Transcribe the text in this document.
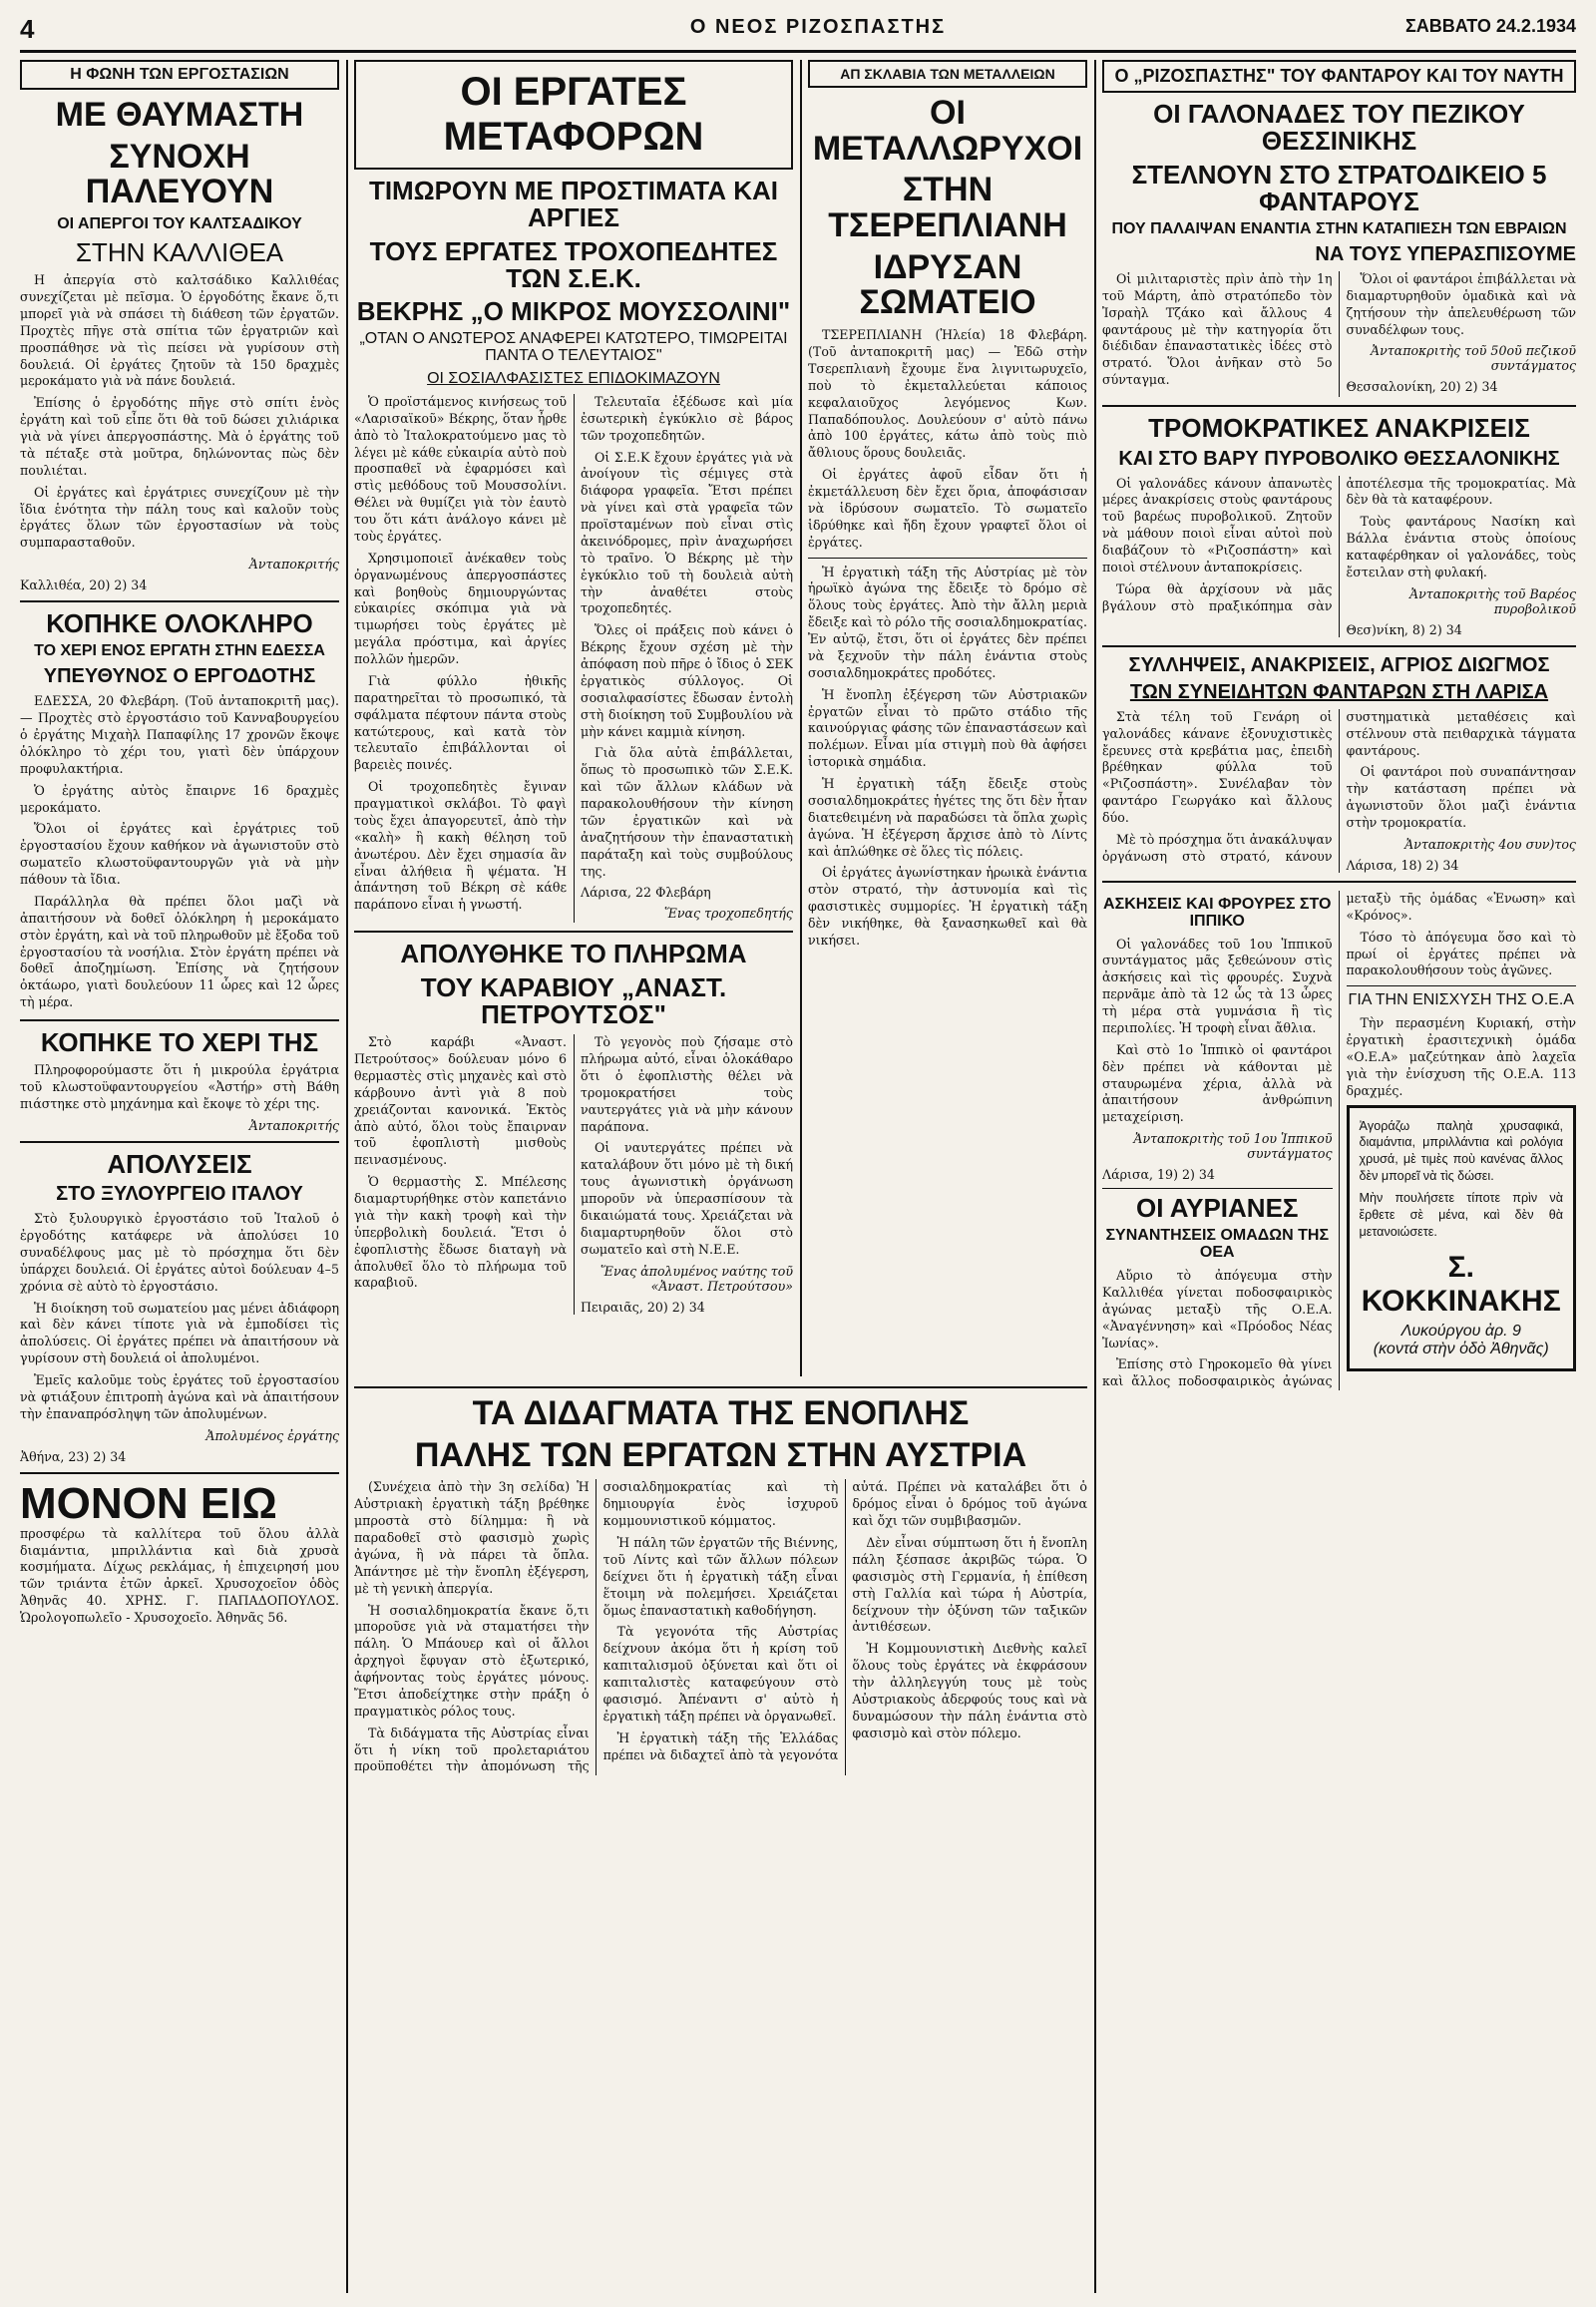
4	Ο ΝΕΟΣ ΡΙΖΟΣΠΑΣΤΗΣ	ΣΑΒΒΑΤΟ 24.2.1934
Η ΦΩΝΗ ΤΩΝ ΕΡΓΟΣΤΑΣΙΩΝ
ΜΕ ΘΑΥΜΑΣΤΗ
ΣΥΝΟΧΗ ΠΑΛΕΥΟΥΝ
ΟΙ ΑΠΕΡΓΟΙ ΤΟΥ ΚΑΛΤΣΑΔΙΚΟΥ
ΣΤΗΝ ΚΑΛΛΙΘΕΑ

Η ἀπεργία στὸ καλτσάδικο Καλλιθέας συνεχίζεται μὲ πεῖσμα. Ὁ ἐργοδότης ἔκανε ὅ,τι μπορεῖ γιὰ νὰ σπάσει τὴ διάθεση τῶν ἐργατῶν. Προχτὲς πῆγε στὰ σπίτια τῶν ἐργατριῶν καὶ προσπάθησε νὰ τὶς πείσει νὰ γυρίσουν στὴ δουλειά. Οἱ ἐργάτες ζητοῦν τὰ 150 δραχμὲς μεροκάματο γιὰ νὰ πάνε δουλειά.

Ἐπίσης ὁ ἐργοδότης πῆγε στὸ σπίτι ἑνὸς ἐργάτη καὶ τοῦ εἶπε ὅτι θὰ τοῦ δώσει χιλιάρικα γιὰ νὰ γίνει ἀπεργοσπάστης. Μὰ ὁ ἐργάτης τοῦ τὰ πέταξε στὰ μοῦτρα, δηλώνοντας πὼς δὲν πουλιέται.

Οἱ ἐργάτες καὶ ἐργάτριες συνεχίζουν μὲ τὴν ἴδια ἑνότητα τὴν πάλη τους καὶ καλοῦν τοὺς ἐργάτες ὅλων τῶν ἐργοστασίων νὰ τοὺς συμπαρασταθοῦν.

Ἀνταποκριτής
Καλλιθέα, 20) 2) 34
ΚΟΠΗΚΕ ΟΛΟΚΛΗΡΟ
ΤΟ ΧΕΡΙ ΕΝΟΣ ΕΡΓΑΤΗ ΣΤΗΝ ΕΔΕΣΣΑ
ΥΠΕΥΘΥΝΟΣ Ο ΕΡΓΟΔΟΤΗΣ

ΕΔΕΣΣΑ, 20 Φλεβάρη. (Τοῦ ἀνταποκριτῆ μας). — Προχτὲς στὸ ἐργοστάσιο τοῦ Κανναβουργείου ὁ ἐργάτης Μιχαὴλ Παπαφίλης 17 χρονῶν ἔκοψε ὁλόκληρο τὸ χέρι του, γιατὶ δὲν ὑπάρχουν προφυλακτήρια.

Ὁ ἐργάτης αὐτὸς ἔπαιρνε 16 δραχμὲς μεροκάματο.

Ὅλοι οἱ ἐργάτες καὶ ἐργάτριες τοῦ ἐργοστασίου ἔχουν καθήκον νὰ ἀγωνιστοῦν στὸ σωματεῖο κλωστοϋφαντουργῶν γιὰ νὰ μὴν πάθουν τὰ ἴδια.

Παράλληλα θὰ πρέπει ὅλοι μαζὶ νὰ ἀπαιτήσουν νὰ δοθεῖ ὁλόκληρη ἡ μεροκάματο στὸν ἐργάτη, καὶ νὰ τοῦ πληρωθοῦν μὲ ἔξοδα τοῦ ἐργοστασίου τὰ νοσήλια. Στὸν ἐργάτη πρέπει νὰ δοθεῖ ἀποζημίωση. Ἐπίσης νὰ ζητήσουν ὀκτάωρο, γιατὶ δουλεύουν 11 ὧρες καὶ 12 ὧρες τὴ μέρα.

ΚΟΠΗΚΕ ΤΟ ΧΕΡΙ ΤΗΣ

Πληροφορούμαστε ὅτι ἡ μικρούλα ἐργάτρια τοῦ κλωστοϋφαντουργείου «Ἀστήρ» στὴ Βάθη πιάστηκε στὸ μηχάνημα καὶ ἔκοψε τὸ χέρι της.

Ἀνταποκριτής
ΑΠΟΛΥΣΕΙΣ
ΣΤΟ ΞΥΛΟΥΡΓΕΙΟ ΙΤΑΛΟΥ

Στὸ ξυλουργικὸ ἐργοστάσιο τοῦ Ἰταλοῦ ὁ ἐργοδότης κατάφερε νὰ ἀπολύσει 10 συναδέλφους μας μὲ τὸ πρόσχημα ὅτι δὲν ὑπάρχει δουλειά. Οἱ ἐργάτες αὐτοὶ δούλευαν 4–5 χρόνια σὲ αὐτὸ τὸ ἐργοστάσιο.

Ἡ διοίκηση τοῦ σωματείου μας μένει ἀδιάφορη καὶ δὲν κάνει τίποτε γιὰ νὰ ἐμποδίσει τὶς ἀπολύσεις. Οἱ ἐργάτες πρέπει νὰ ἀπαιτήσουν νὰ γυρίσουν στὴ δουλειά οἱ ἀπολυμένοι.

Ἐμεῖς καλοῦμε τοὺς ἐργάτες τοῦ ἐργοστασίου νὰ φτιάξουν ἐπιτροπὴ ἀγώνα καὶ νὰ ἀπαιτήσουν τὴν ἐπαναπρόσληψη τῶν ἀπολυμένων.

Ἀπολυμένος ἐργάτης
Ἀθήνα, 23) 2) 34
ΜΟΝΟΝ ΕΙΩ

προσφέρω τὰ καλλίτερα τοῦ ὅλου ἀλλὰ διαμάντια, μπριλλάντια καὶ διὰ χρυσὰ κοσμήματα. Δίχως ρεκλάμας, ἡ ἐπιχειρησή μου τῶν τριάντα ἐτῶν ἀρκεῖ. Χρυσοχοεῖον ὁδὸς Ἀθηνᾶς 40. ΧΡΗΣ. Γ. ΠΑΠΑΔΟΠΟΥΛΟΣ. Ὡρολογοπωλεῖο - Χρυσοχοεῖο. Ἀθηνᾶς 56.

ΟΙ ΕΡΓΑΤΕΣ ΜΕΤΑΦΟΡΩΝ
ΤΙΜΩΡΟΥΝ ΜΕ ΠΡΟΣΤΙΜΑΤΑ ΚΑΙ ΑΡΓΙΕΣ
ΤΟΥΣ ΕΡΓΑΤΕΣ ΤΡΟΧΟΠΕΔΗΤΕΣ ΤΩΝ Σ.Ε.Κ.
ΒΕΚΡΗΣ „Ο ΜΙΚΡΟΣ ΜΟΥΣΣΟΛΙΝΙ"
„ΟΤΑΝ Ο ΑΝΩΤΕΡΟΣ ΑΝΑΦΕΡΕΙ ΚΑΤΩΤΕΡΟ, ΤΙΜΩΡΕΙΤΑΙ ΠΑΝΤΑ Ο ΤΕΛΕΥΤΑΙΟΣ"
ΟΙ ΣΟΣΙΑΛΦΑΣΙΣΤΕΣ ΕΠΙΔΟΚΙΜΑΖΟΥΝ

Ὁ προϊστάμενος κινήσεως τοῦ «Λαρισαϊκοῦ» Βέκρης, ὅταν ἦρθε ἀπὸ τὸ Ἰταλοκρατούμενο μας τὸ λέγει μὲ κάθε εὐκαιρία αὐτὸ ποὺ προσπαθεῖ νὰ ἐφαρμόσει καὶ στὶς μεθόδους τοῦ Μουσσολίνι. Θέλει νὰ θυμίζει γιὰ τὸν ἑαυτὸ του ὅτι κάτι ἀνάλογο κάνει μὲ τοὺς ἐργάτες.

Χρησιμοποιεῖ ἀνέκαθεν τοὺς ὀργανωμένους ἀπεργοσπάστες καὶ βοηθοὺς δημιουργώντας εὐκαιρίες σκόπιμα γιὰ νὰ τιμωρήσει τοὺς ἐργάτες μὲ μεγάλα πρόστιμα, καὶ ἀργίες πολλῶν ἡμερῶν.

Γιὰ φύλλο ἠθικῆς παρατηρεῖται τὸ προσωπικό, τὰ σφάλματα πέφτουν πάντα στοὺς κατώτερους, καὶ κατὰ τὸν τελευταῖο ἐπιβάλλονται οἱ βαρειὲς ποινές.

Οἱ τροχοπεδητὲς ἔγιναν πραγματικοὶ σκλάβοι. Τὸ φαγὶ τοὺς ἔχει ἀπαγορευτεῖ, ἀπὸ τὴν «καλὴ» ἢ κακὴ θέληση τοῦ ἀνωτέρου. Δὲν ἔχει σημασία ἂν εἶναι ἀλήθεια ἢ ψέματα. Ἡ ἀπάντηση τοῦ Βέκρη σὲ κάθε παράπονο εἶναι ἡ γνωστή.

Τελευταῖα ἐξέδωσε καὶ μία ἐσωτερικὴ ἐγκύκλιο σὲ βάρος τῶν τροχοπεδητῶν.

Οἱ Σ.Ε.Κ ἔχουν ἐργάτες γιὰ νὰ ἀνοίγουν τὶς σέμιγες στὰ διάφορα γραφεῖα. Ἔτσι πρέπει νὰ γίνει καὶ στὰ γραφεῖα τῶν προϊσταμένων ποὺ εἶναι στὶς ἀκεινόδρομες, πρὶν ἀναχωρήσει τὸ τραῖνο. Ὁ Βέκρης μὲ τὴν ἐγκύκλιο τοῦ τὴ δουλειὰ αὐτὴ τὴν ἀναθέτει στοὺς τροχοπεδητές.

Ὅλες οἱ πράξεις ποὺ κάνει ὁ Βέκρης ἔχουν σχέση μὲ τὴν ἀπόφαση ποὺ πῆρε ὁ ἴδιος ὁ ΣΕΚ ἐργατικὸς σύλλογος. Οἱ σοσιαλφασίστες ἔδωσαν ἐντολὴ στὴ διοίκηση τοῦ Συμβουλίου νὰ μὴν κάνει καμμιὰ κίνηση.

Γιὰ ὅλα αὐτὰ ἐπιβάλλεται, ὅπως τὸ προσωπικὸ τῶν Σ.Ε.Κ. καὶ τῶν ἄλλων κλάδων νὰ παρακολουθήσουν τὴν κίνηση τῶν ἐργατικῶν καὶ νὰ ἀναζητήσουν τὴν ἐπαναστατικὴ παράταξη καὶ τοὺς συμβούλους της.

Λάρισα, 22 Φλεβάρη
Ἕνας τροχοπεδητής
ΑΠΟΛΥΘΗΚΕ ΤΟ ΠΛΗΡΩΜΑ
ΤΟΥ ΚΑΡΑΒΙΟΥ „ΑΝΑΣΤ. ΠΕΤΡΟΥΤΣΟΣ"

Στὸ καράβι «Ἀναστ. Πετρούτσος» δούλευαν μόνο 6 θερμαστὲς στὶς μηχανὲς καὶ στὸ κάρβουνο ἀντὶ γιὰ 8 ποὺ χρειάζονται κανονικά. Ἐκτὸς ἀπὸ αὐτό, ὅλοι τοὺς ἔπαιρναν τοῦ ἐφοπλιστὴ μισθοὺς πεινασμένους.

Ὁ θερμαστὴς Σ. Μπέλεσης διαμαρτυρήθηκε στὸν καπετάνιο γιὰ τὴν κακὴ τροφὴ καὶ τὴν ὑπερβολικὴ δουλειά. Ἔτσι ὁ ἐφοπλιστὴς ἔδωσε διαταγὴ νὰ ἀπολυθεῖ ὅλο τὸ πλήρωμα τοῦ καραβιοῦ.

Τὸ γεγονὸς ποὺ ζήσαμε στὸ πλήρωμα αὐτό, εἶναι ὁλοκάθαρο ὅτι ὁ ἐφοπλιστὴς θέλει νὰ τρομοκρατήσει τοὺς ναυτεργάτες γιὰ νὰ μὴν κάνουν παράπονα.

Οἱ ναυτεργάτες πρέπει νὰ καταλάβουν ὅτι μόνο μὲ τὴ δική τους ἀγωνιστικὴ ὀργάνωση μποροῦν νὰ ὑπερασπίσουν τὰ δικαιώματά τους. Χρειάζεται νὰ διαμαρτυρηθοῦν ὅλοι στὸ σωματεῖο καὶ στὴ Ν.Ε.Ε.

Ἕνας ἀπολυμένος ναύτης τοῦ «Ἀναστ. Πετρούτσου»
Πειραιᾶς, 20) 2) 34
ΑΠ ΣΚΛΑΒΙΑ ΤΩΝ ΜΕΤΑΛΛΕΙΩΝ
ΟΙ ΜΕΤΑΛΛΩΡΥΧΟΙ
ΣΤΗΝ ΤΣΕΡΕΠΛΙΑΝΗ
ΙΔΡΥΣΑΝ ΣΩΜΑΤΕΙΟ

ΤΣΕΡΕΠΛΙΑΝΗ (Ἠλεία) 18 Φλεβάρη. (Τοῦ ἀνταποκριτῆ μας) — Ἐδῶ στὴν Τσερεπλιανὴ ἔχουμε ἕνα λιγνιτωρυχεῖο, ποὺ τὸ ἐκμεταλλεύεται κάποιος κεφαλαιοῦχος λεγόμενος Κων. Παπαδόπουλος. Δουλεύουν σ' αὐτὸ πάνω ἀπὸ 100 ἐργάτες, κάτω ἀπὸ τοὺς πιὸ ἄθλιους ὅρους δουλειᾶς.

Οἱ ἐργάτες ἀφοῦ εἶδαν ὅτι ἡ ἐκμετάλλευση δὲν ἔχει ὅρια, ἀποφάσισαν νὰ ἱδρύσουν σωματεῖο. Τὸ σωματεῖο ἱδρύθηκε καὶ ἤδη ἔχουν γραφτεῖ ὅλοι οἱ ἐργάτες.

Ἡ ἐργατικὴ τάξη τῆς Αὐστρίας μὲ τὸν ἡρωϊκὸ ἀγώνα της ἔδειξε τὸ δρόμο σὲ ὅλους τοὺς ἐργάτες. Ἀπὸ τὴν ἄλλη μεριὰ ἔδειξε καὶ τὸ ρόλο τῆς σοσιαλδημοκρατίας. Ἐν αὐτῷ, ἔτσι, ὅτι οἱ ἐργάτες δὲν πρέπει νὰ ξεχνοῦν τὴν πάλη ἐνάντια στοὺς σοσιαλδημοκράτες προδότες.

Ἡ ἔνοπλη ἐξέγερση τῶν Αὐστριακῶν ἐργατῶν εἶναι τὸ πρῶτο στάδιο τῆς καινούργιας φάσης τῶν ἐπαναστάσεων καὶ πολέμων. Εἶναι μία στιγμὴ ποὺ θὰ ἀφήσει ἱστορικὰ σημάδια.

Ἡ ἐργατικὴ τάξη ἔδειξε στοὺς σοσιαλδημοκράτες ἡγέτες της ὅτι δὲν ἦταν διατεθειμένη νὰ παραδώσει τὰ ὅπλα χωρὶς ἀγώνα. Ἡ ἐξέγερση ἄρχισε ἀπὸ τὸ Λίντς καὶ ἁπλώθηκε σὲ ὅλες τὶς πόλεις.

Οἱ ἐργάτες ἀγωνίστηκαν ἡρωικὰ ἐνάντια στὸν στρατό, τὴν ἀστυνομία καὶ τὶς φασιστικὲς συμμορίες. Ἡ ἐργατικὴ τάξη δὲν νικήθηκε, θὰ ξανασηκωθεῖ καὶ θὰ νικήσει.

ΤΑ ΔΙΔΑΓΜΑΤΑ ΤΗΣ ΕΝΟΠΛΗΣ
ΠΑΛΗΣ ΤΩΝ ΕΡΓΑΤΩΝ ΣΤΗΝ ΑΥΣΤΡΙΑ

(Συνέχεια ἀπὸ τὴν 3η σελίδα) Ἡ Αὐστριακὴ ἐργατικὴ τάξη βρέθηκε μπροστὰ στὸ δίλημμα: ἢ νὰ παραδοθεῖ στὸ φασισμὸ χωρὶς ἀγώνα, ἢ νὰ πάρει τὰ ὅπλα. Ἀπάντησε μὲ τὴν ἔνοπλη ἐξέγερση, μὲ τὴ γενικὴ ἀπεργία.

Ἡ σοσιαλδημοκρατία ἔκανε ὅ,τι μποροῦσε γιὰ νὰ σταματήσει τὴν πάλη. Ὁ Μπάουερ καὶ οἱ ἄλλοι ἀρχηγοὶ ἔφυγαν στὸ ἐξωτερικό, ἀφήνοντας τοὺς ἐργάτες μόνους. Ἔτσι ἀποδείχτηκε στὴν πράξη ὁ πραγματικὸς ρόλος τους.

Τὰ διδάγματα τῆς Αὐστρίας εἶναι ὅτι ἡ νίκη τοῦ προλεταριάτου προϋποθέτει τὴν ἀπομόνωση τῆς σοσιαλδημοκρατίας καὶ τὴ δημιουργία ἑνὸς ἰσχυροῦ κομμουνιστικοῦ κόμματος.

Ἡ πάλη τῶν ἐργατῶν τῆς Βιέννης, τοῦ Λίντς καὶ τῶν ἄλλων πόλεων δείχνει ὅτι ἡ ἐργατικὴ τάξη εἶναι ἕτοιμη νὰ πολεμήσει. Χρειάζεται ὅμως ἐπαναστατικὴ καθοδήγηση.

Τὰ γεγονότα τῆς Αὐστρίας δείχνουν ἀκόμα ὅτι ἡ κρίση τοῦ καπιταλισμοῦ ὀξύνεται καὶ ὅτι οἱ καπιταλιστὲς καταφεύγουν στὸ φασισμό. Ἀπέναντι σ' αὐτὸ ἡ ἐργατικὴ τάξη πρέπει νὰ ὀργανωθεῖ.

Ἡ ἐργατικὴ τάξη τῆς Ἑλλάδας πρέπει νὰ διδαχτεῖ ἀπὸ τὰ γεγονότα αὐτά. Πρέπει νὰ καταλάβει ὅτι ὁ δρόμος εἶναι ὁ δρόμος τοῦ ἀγώνα καὶ ὄχι τῶν συμβιβασμῶν.

Δὲν εἶναι σύμπτωση ὅτι ἡ ἔνοπλη πάλη ξέσπασε ἀκριβῶς τώρα. Ὁ φασισμὸς στὴ Γερμανία, ἡ ἐπίθεση στὴ Γαλλία καὶ τώρα ἡ Αὐστρία, δείχνουν τὴν ὀξύνση τῶν ταξικῶν ἀντιθέσεων.

Ἡ Κομμουνιστικὴ Διεθνὴς καλεῖ ὅλους τοὺς ἐργάτες νὰ ἐκφράσουν τὴν ἀλληλεγγύη τους μὲ τοὺς Αὐστριακοὺς ἀδερφούς τους καὶ νὰ δυναμώσουν τὴν πάλη ἐνάντια στὸ φασισμὸ καὶ στὸν πόλεμο.

Ο „ΡΙΖΟΣΠΑΣΤΗΣ" ΤΟΥ ΦΑΝΤΑΡΟΥ ΚΑΙ ΤΟΥ ΝΑΥΤΗ
ΟΙ ΓΑΛΟΝΑΔΕΣ ΤΟΥ ΠΕΖΙΚΟΥ ΘΕΣΣΙΝΙΚΗΣ
ΣΤΕΛΝΟΥΝ ΣΤΟ ΣΤΡΑΤΟΔΙΚΕΙΟ 5 ΦΑΝΤΑΡΟΥΣ
ΠΟΥ ΠΑΛΑΙΨΑΝ ΕΝΑΝΤΙΑ ΣΤΗΝ ΚΑΤΑΠΙΕΣΗ ΤΩΝ ΕΒΡΑΙΩΝ
ΝΑ ΤΟΥΣ ΥΠΕΡΑΣΠΙΣΟΥΜΕ

Οἱ μιλιταριστὲς πρὶν ἀπὸ τὴν 1η τοῦ Μάρτη, ἀπὸ στρατόπεδο τὸν Ἰσραὴλ Τζάκο καὶ ἄλλους 4 φαντάρους μὲ τὴν κατηγορία ὅτι διέδιδαν ἐπαναστατικὲς ἰδέες στὸ στρατό. Ὅλοι ἀνῆκαν στὸ 5ο σύνταγμα.

Ὅλοι οἱ φαντάροι ἐπιβάλλεται νὰ διαμαρτυρηθοῦν ὁμαδικὰ καὶ νὰ ζητήσουν τὴν ἀπελευθέρωση τῶν συναδέλφων τους.

Ἀνταποκριτὴς τοῦ 50οῦ πεζικοῦ συντάγματος
Θεσσαλονίκη, 20) 2) 34
ΤΡΟΜΟΚΡΑΤΙΚΕΣ ΑΝΑΚΡΙΣΕΙΣ
ΚΑΙ ΣΤΟ ΒΑΡΥ ΠΥΡΟΒΟΛΙΚΟ ΘΕΣΣΑΛΟΝΙΚΗΣ

Οἱ γαλονάδες κάνουν ἀπανωτὲς μέρες ἀνακρίσεις στοὺς φαντάρους τοῦ βαρέως πυροβολικοῦ. Ζητοῦν νὰ μάθουν ποιοὶ εἶναι αὐτοὶ ποὺ διαβάζουν τὸ «Ριζοσπάστη» καὶ ποιοὶ στέλνουν ἀνταποκρίσεις.

Τώρα θὰ ἀρχίσουν νὰ μᾶς βγάλουν στὸ πραξικόπημα σὰν ἀποτέλεσμα τῆς τρομοκρατίας. Μὰ δὲν θὰ τὰ καταφέρουν.

Τοὺς φαντάρους Νασίκη καὶ Βάλλα ἐνάντια στοὺς ὁποίους καταφέρθηκαν οἱ γαλονάδες, τοὺς ἔστειλαν στὴ φυλακή.

Ἀνταποκριτὴς τοῦ Βαρέος πυροβολικοῦ
Θεσ)νίκη, 8) 2) 34
ΣΥΛΛΗΨΕΙΣ, ΑΝΑΚΡΙΣΕΙΣ, ΑΓΡΙΟΣ ΔΙΩΓΜΟΣ
ΤΩΝ ΣΥΝΕΙΔΗΤΩΝ ΦΑΝΤΑΡΩΝ ΣΤΗ ΛΑΡΙΣΑ

Στὰ τέλη τοῦ Γενάρη οἱ γαλονάδες κάνανε ἐξονυχιστικὲς ἔρευνες στὰ κρεβάτια μας, ἐπειδὴ βρέθηκαν φύλλα τοῦ «Ριζοσπάστη». Συνέλαβαν τὸν φαντάρο Γεωργάκο καὶ ἄλλους δύο.

Μὲ τὸ πρόσχημα ὅτι ἀνακάλυψαν ὀργάνωση στὸ στρατό, κάνουν συστηματικὰ μεταθέσεις καὶ στέλνουν στὰ πειθαρχικὰ τάγματα φαντάρους.

Οἱ φαντάροι ποὺ συναπάντησαν τὴν κατάσταση πρέπει νὰ ἀγωνιστοῦν ὅλοι μαζὶ ἐνάντια στὴν τρομοκρατία.

Ἀνταποκριτὴς 4ου συν)τος
Λάρισα, 18) 2) 34
ΑΣΚΗΣΕΙΣ ΚΑΙ ΦΡΟΥΡΕΣ ΣΤΟ ΙΠΠΙΚΟ

Οἱ γαλονάδες τοῦ 1ου Ἱππικοῦ συντάγματος μᾶς ξεθεώνουν στὶς ἀσκήσεις καὶ τὶς φρουρές. Συχνὰ περνᾶμε ἀπὸ τὰ 12 ὧς τὰ 13 ὧρες τὴ μέρα στὰ γυμνάσια ἢ τὶς περιπολίες. Ἡ τροφὴ εἶναι ἄθλια.

Καὶ στὸ 1ο Ἱππικὸ οἱ φαντάροι δὲν πρέπει νὰ κάθονται μὲ σταυρωμένα χέρια, ἀλλὰ νὰ ἀπαιτήσουν ἀνθρώπινη μεταχείριση.

Ἀνταποκριτὴς τοῦ 1ου Ἱππικοῦ συντάγματος
Λάρισα, 19) 2) 34
ΟΙ ΑΥΡΙΑΝΕΣ
ΣΥΝΑΝΤΗΣΕΙΣ ΟΜΑΔΩΝ ΤΗΣ ΟΕΑ

Αὔριο τὸ ἀπόγευμα στὴν Καλλιθέα γίνεται ποδοσφαιρικὸς ἀγώνας μεταξὺ τῆς Ο.Ε.Α. «Ἀναγέννηση» καὶ «Πρόοδος Νέας Ἰωνίας».

Ἐπίσης στὸ Γηροκομεῖο θὰ γίνει καὶ ἄλλος ποδοσφαιρικὸς ἀγώνας μεταξὺ τῆς ὁμάδας «Ἑνωση» καὶ «Κρόνος».

Τόσο τὸ ἀπόγευμα ὅσο καὶ τὸ πρωί οἱ ἐργάτες πρέπει νὰ παρακολουθήσουν τοὺς ἀγῶνες.

ΓΙΑ ΤΗΝ ΕΝΙΣΧΥΣΗ ΤΗΣ Ο.Ε.Α

Τὴν περασμένη Κυριακή, στὴν ἐργατικὴ ἐρασιτεχνικὴ ὁμάδα «Ο.Ε.Α» μαζεύτηκαν ἀπὸ λαχεῖα γιὰ τὴν ἐνίσχυση τῆς Ο.Ε.Α. 113 δραχμές.

Ἀγοράζω παληὰ χρυσαφικά, διαμάντια, μπριλλάντια καὶ ρολόγια χρυσά, μὲ τιμὲς ποὺ κανένας ἄλλος δὲν μπορεῖ νὰ τὶς δώσει.

Μὴν πουλήσετε τίποτε πρὶν νὰ ἔρθετε σὲ μένα, καὶ δὲν θὰ μετανοιώσετε.

Σ. ΚΟΚΚΙΝΑΚΗΣ

Λυκούργου ἀρ. 9

(κοντά στὴν ὁδὸ Ἀθηνᾶς)
